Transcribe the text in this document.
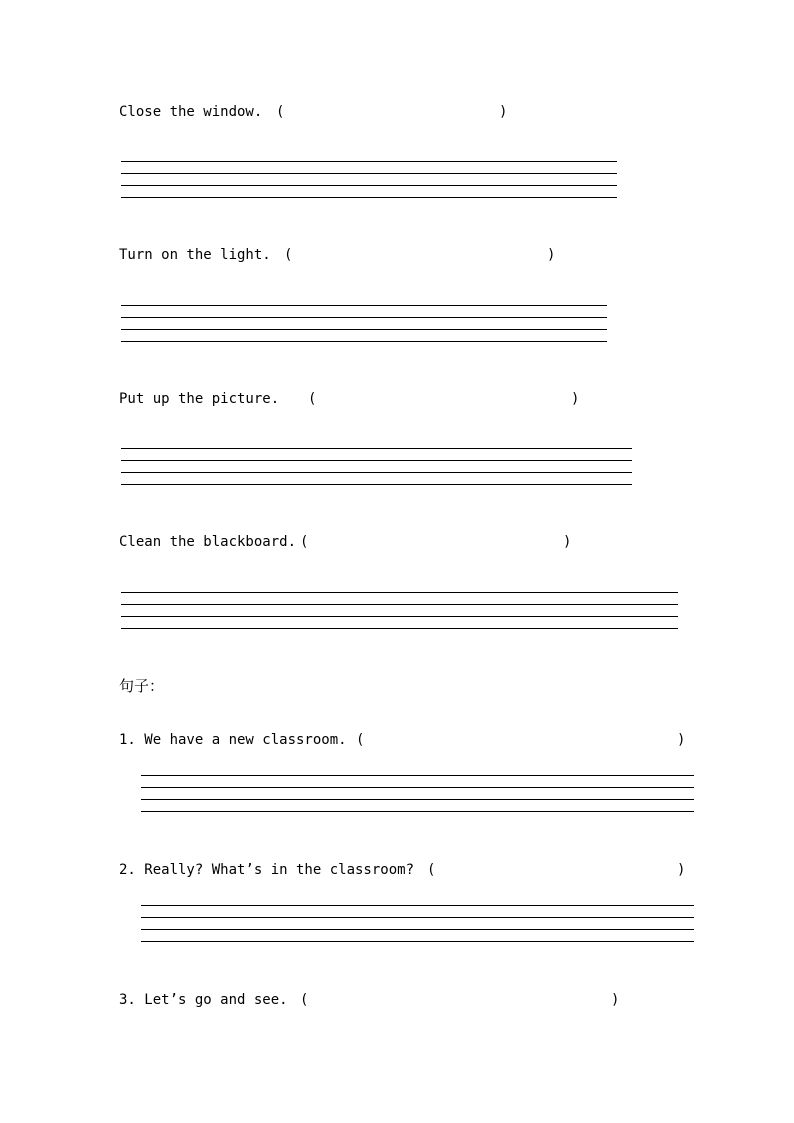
Close the window. (	)
Turn on the light. (	)
Put up the picture. (	)
Clean the blackboard. (	)
句子：
1. We have a new classroom. (	)
2. Really? What’s in the classroom? (	)
3. Let’s go and see. (	)
